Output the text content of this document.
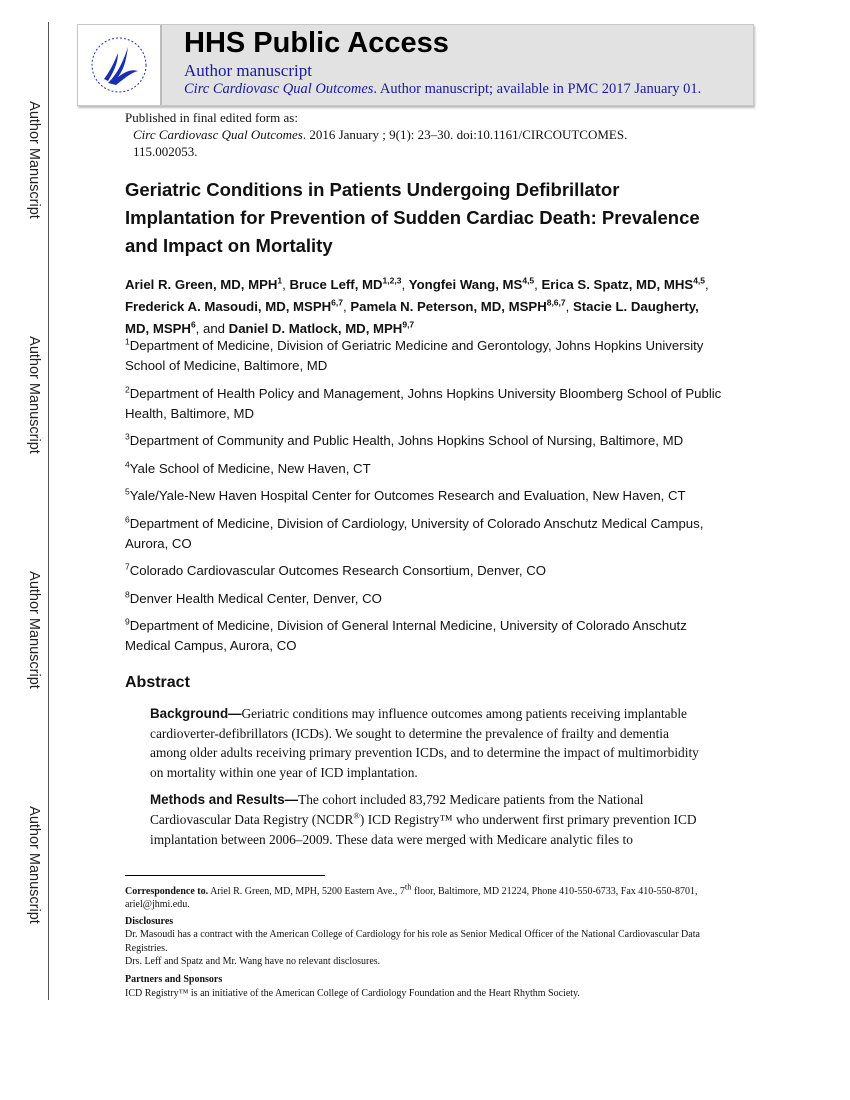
Author Manuscript
Author Manuscript
Author Manuscript
Author Manuscript
HHS Public Access
Author manuscript
Circ Cardiovasc Qual Outcomes. Author manuscript; available in PMC 2017 January 01.
Published in final edited form as:
Circ Cardiovasc Qual Outcomes. 2016 January ; 9(1): 23–30. doi:10.1161/CIRCOUTCOMES.
115.002053.
Geriatric Conditions in Patients Undergoing Defibrillator Implantation for Prevention of Sudden Cardiac Death: Prevalence and Impact on Mortality
Ariel R. Green, MD, MPH$^1$, Bruce Leff, MD$^{1,2,3}$, Yongfei Wang, MS$^{4,5}$, Erica S. Spatz, MD, MHS$^{4,5}$, Frederick A. Masoudi, MD, MSPH$^{6,7}$, Pamela N. Peterson, MD, MSPH$^{8,6,7}$, Stacie L. Daugherty, MD, MSPH$^6$, and Daniel D. Matlock, MD, MPH$^{9,7}$
$^1$Department of Medicine, Division of Geriatric Medicine and Gerontology, Johns Hopkins University School of Medicine, Baltimore, MD
$^2$Department of Health Policy and Management, Johns Hopkins University Bloomberg School of Public Health, Baltimore, MD
$^3$Department of Community and Public Health, Johns Hopkins School of Nursing, Baltimore, MD
$^4$Yale School of Medicine, New Haven, CT
$^5$Yale/Yale-New Haven Hospital Center for Outcomes Research and Evaluation, New Haven, CT
$^6$Department of Medicine, Division of Cardiology, University of Colorado Anschutz Medical Campus, Aurora, CO
$^7$Colorado Cardiovascular Outcomes Research Consortium, Denver, CO
$^8$Denver Health Medical Center, Denver, CO
$^9$Department of Medicine, Division of General Internal Medicine, University of Colorado Anschutz Medical Campus, Aurora, CO
Abstract

Background—Geriatric conditions may influence outcomes among patients receiving implantable cardioverter-defibrillators (ICDs). We sought to determine the prevalence of frailty and dementia among older adults receiving primary prevention ICDs, and to determine the impact of multimorbidity on mortality within one year of ICD implantation.

Methods and Results—The cohort included 83,792 Medicare patients from the National Cardiovascular Data Registry (NCDR®) ICD Registry™ who underwent first primary prevention ICD implantation between 2006–2009. These data were merged with Medicare analytic files to

Correspondence to. Ariel R. Green, MD, MPH, 5200 Eastern Ave., 7th floor, Baltimore, MD 21224, Phone 410-550-6733, Fax 410-550-8701, ariel@jhmi.edu.
Disclosures
Dr. Masoudi has a contract with the American College of Cardiology for his role as Senior Medical Officer of the National Cardiovascular Data Registries.
Drs. Leff and Spatz and Mr. Wang have no relevant disclosures.
Partners and Sponsors
ICD Registry™ is an initiative of the American College of Cardiology Foundation and the Heart Rhythm Society.
